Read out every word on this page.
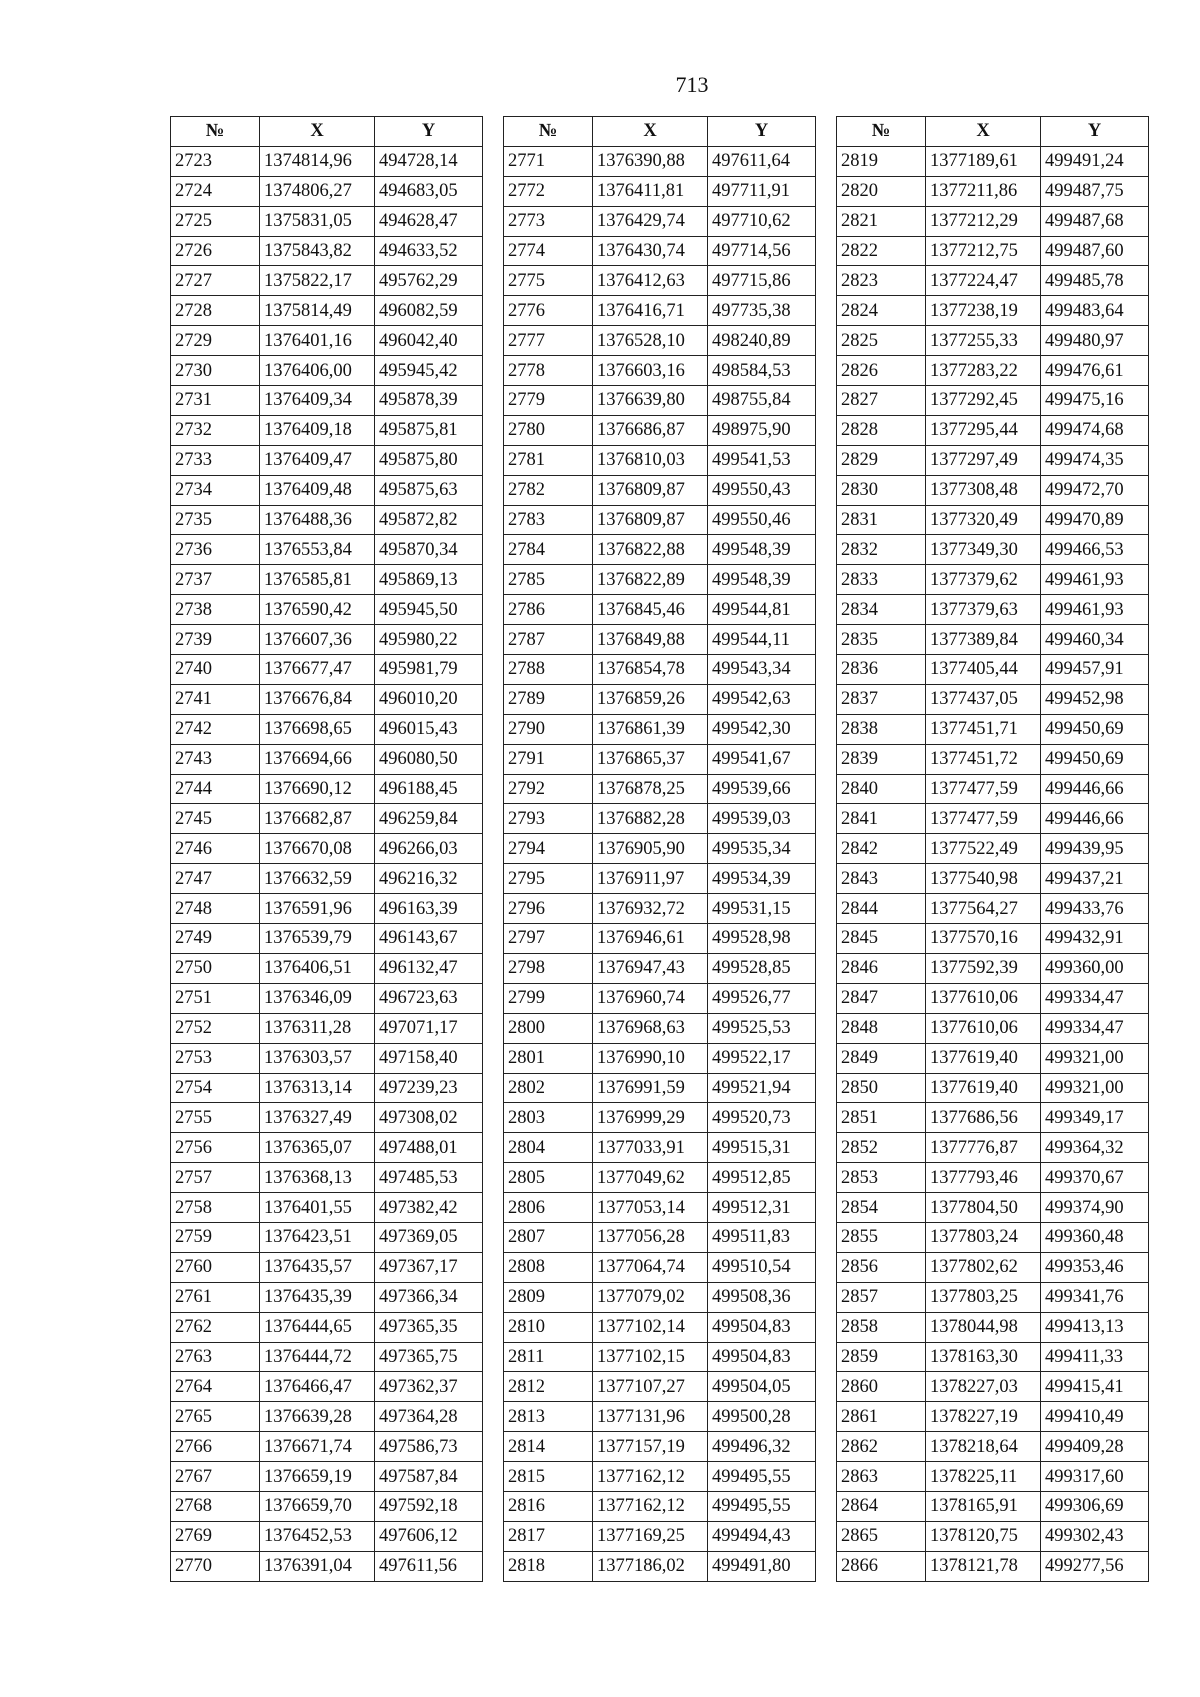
713
№	X	Y
2723	1374814,96	494728,14
2724	1374806,27	494683,05
2725	1375831,05	494628,47
2726	1375843,82	494633,52
2727	1375822,17	495762,29
2728	1375814,49	496082,59
2729	1376401,16	496042,40
2730	1376406,00	495945,42
2731	1376409,34	495878,39
2732	1376409,18	495875,81
2733	1376409,47	495875,80
2734	1376409,48	495875,63
2735	1376488,36	495872,82
2736	1376553,84	495870,34
2737	1376585,81	495869,13
2738	1376590,42	495945,50
2739	1376607,36	495980,22
2740	1376677,47	495981,79
2741	1376676,84	496010,20
2742	1376698,65	496015,43
2743	1376694,66	496080,50
2744	1376690,12	496188,45
2745	1376682,87	496259,84
2746	1376670,08	496266,03
2747	1376632,59	496216,32
2748	1376591,96	496163,39
2749	1376539,79	496143,67
2750	1376406,51	496132,47
2751	1376346,09	496723,63
2752	1376311,28	497071,17
2753	1376303,57	497158,40
2754	1376313,14	497239,23
2755	1376327,49	497308,02
2756	1376365,07	497488,01
2757	1376368,13	497485,53
2758	1376401,55	497382,42
2759	1376423,51	497369,05
2760	1376435,57	497367,17
2761	1376435,39	497366,34
2762	1376444,65	497365,35
2763	1376444,72	497365,75
2764	1376466,47	497362,37
2765	1376639,28	497364,28
2766	1376671,74	497586,73
2767	1376659,19	497587,84
2768	1376659,70	497592,18
2769	1376452,53	497606,12
2770	1376391,04	497611,56
№	X	Y
2771	1376390,88	497611,64
2772	1376411,81	497711,91
2773	1376429,74	497710,62
2774	1376430,74	497714,56
2775	1376412,63	497715,86
2776	1376416,71	497735,38
2777	1376528,10	498240,89
2778	1376603,16	498584,53
2779	1376639,80	498755,84
2780	1376686,87	498975,90
2781	1376810,03	499541,53
2782	1376809,87	499550,43
2783	1376809,87	499550,46
2784	1376822,88	499548,39
2785	1376822,89	499548,39
2786	1376845,46	499544,81
2787	1376849,88	499544,11
2788	1376854,78	499543,34
2789	1376859,26	499542,63
2790	1376861,39	499542,30
2791	1376865,37	499541,67
2792	1376878,25	499539,66
2793	1376882,28	499539,03
2794	1376905,90	499535,34
2795	1376911,97	499534,39
2796	1376932,72	499531,15
2797	1376946,61	499528,98
2798	1376947,43	499528,85
2799	1376960,74	499526,77
2800	1376968,63	499525,53
2801	1376990,10	499522,17
2802	1376991,59	499521,94
2803	1376999,29	499520,73
2804	1377033,91	499515,31
2805	1377049,62	499512,85
2806	1377053,14	499512,31
2807	1377056,28	499511,83
2808	1377064,74	499510,54
2809	1377079,02	499508,36
2810	1377102,14	499504,83
2811	1377102,15	499504,83
2812	1377107,27	499504,05
2813	1377131,96	499500,28
2814	1377157,19	499496,32
2815	1377162,12	499495,55
2816	1377162,12	499495,55
2817	1377169,25	499494,43
2818	1377186,02	499491,80
№	X	Y
2819	1377189,61	499491,24
2820	1377211,86	499487,75
2821	1377212,29	499487,68
2822	1377212,75	499487,60
2823	1377224,47	499485,78
2824	1377238,19	499483,64
2825	1377255,33	499480,97
2826	1377283,22	499476,61
2827	1377292,45	499475,16
2828	1377295,44	499474,68
2829	1377297,49	499474,35
2830	1377308,48	499472,70
2831	1377320,49	499470,89
2832	1377349,30	499466,53
2833	1377379,62	499461,93
2834	1377379,63	499461,93
2835	1377389,84	499460,34
2836	1377405,44	499457,91
2837	1377437,05	499452,98
2838	1377451,71	499450,69
2839	1377451,72	499450,69
2840	1377477,59	499446,66
2841	1377477,59	499446,66
2842	1377522,49	499439,95
2843	1377540,98	499437,21
2844	1377564,27	499433,76
2845	1377570,16	499432,91
2846	1377592,39	499360,00
2847	1377610,06	499334,47
2848	1377610,06	499334,47
2849	1377619,40	499321,00
2850	1377619,40	499321,00
2851	1377686,56	499349,17
2852	1377776,87	499364,32
2853	1377793,46	499370,67
2854	1377804,50	499374,90
2855	1377803,24	499360,48
2856	1377802,62	499353,46
2857	1377803,25	499341,76
2858	1378044,98	499413,13
2859	1378163,30	499411,33
2860	1378227,03	499415,41
2861	1378227,19	499410,49
2862	1378218,64	499409,28
2863	1378225,11	499317,60
2864	1378165,91	499306,69
2865	1378120,75	499302,43
2866	1378121,78	499277,56
